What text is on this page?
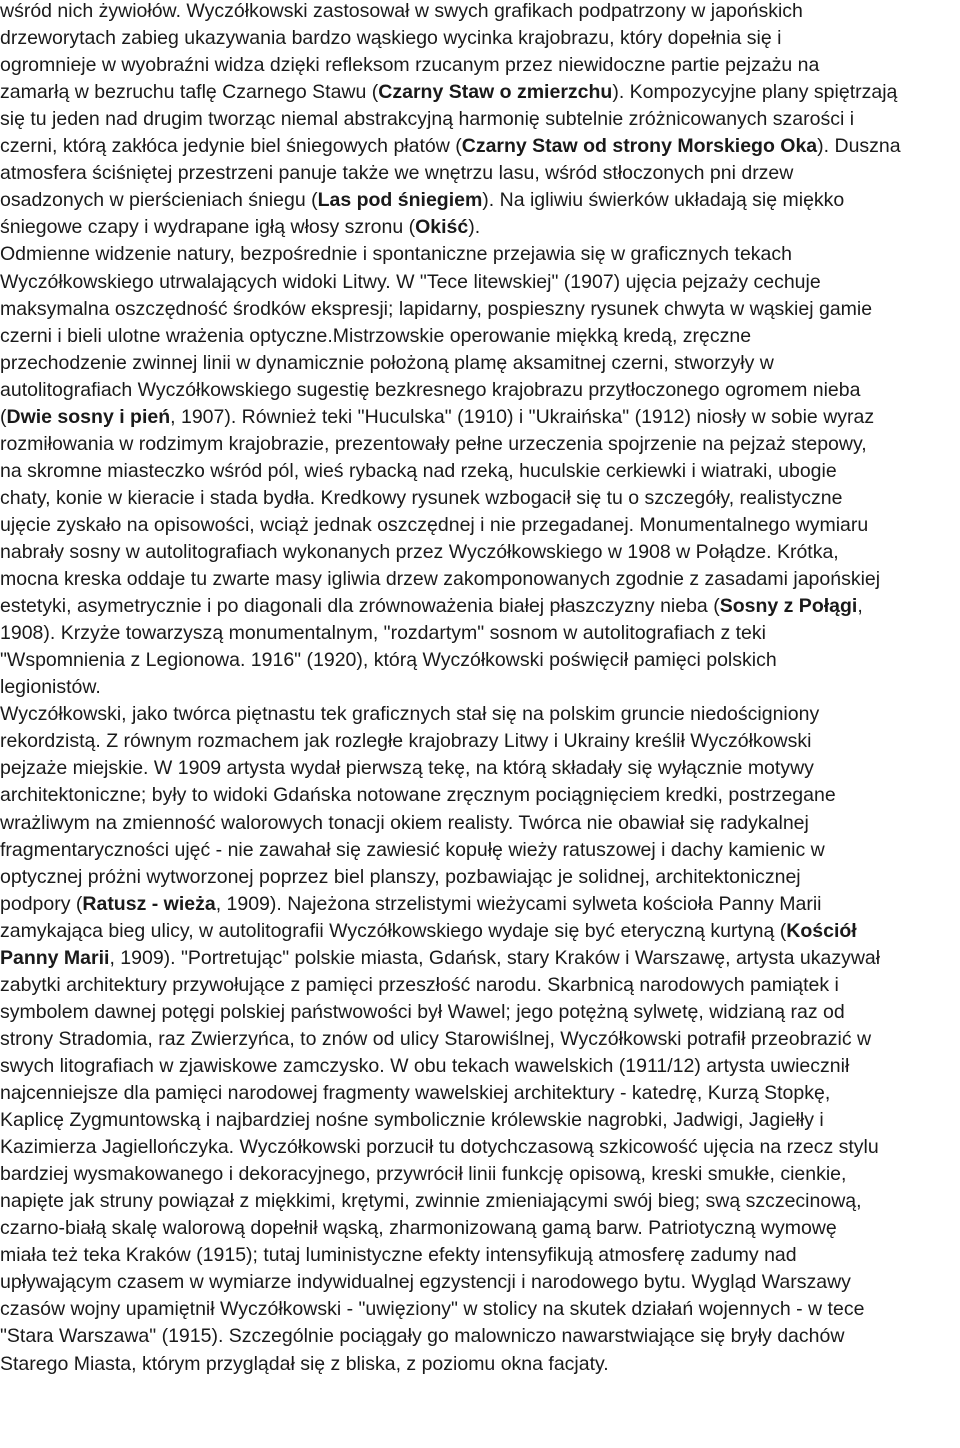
wśród nich żywiołów. Wyczółkowski zastosował w swych grafikach podpatrzony w japońskich
drzeworytach zabieg ukazywania bardzo wąskiego wycinka krajobrazu, który dopełnia się i
ogromnieje w wyobraźni widza dzięki refleksom rzucanym przez niewidoczne partie pejzażu na
zamarłą w bezruchu taflę Czarnego Stawu (Czarny Staw o zmierzchu). Kompozycyjne plany spiętrzają
się tu jeden nad drugim tworząc niemal abstrakcyjną harmonię subtelnie zróżnicowanych szarości i
czerni, którą zakłóca jedynie biel śniegowych płatów (Czarny Staw od strony Morskiego Oka). Duszna
atmosfera ściśniętej przestrzeni panuje także we wnętrzu lasu, wśród stłoczonych pni drzew
osadzonych w pierścieniach śniegu (Las pod śniegiem). Na igliwiu świerków układają się miękko
śniegowe czapy i wydrapane igłą włosy szronu (Okiść).
Odmienne widzenie natury, bezpośrednie i spontaniczne przejawia się w graficznych tekach
Wyczółkowskiego utrwalających widoki Litwy. W "Tece litewskiej" (1907) ujęcia pejzaży cechuje
maksymalna oszczędność środków ekspresji; lapidarny, pospieszny rysunek chwyta w wąskiej gamie
czerni i bieli ulotne wrażenia optyczne.Mistrzowskie operowanie miękką kredą, zręczne
przechodzenie zwinnej linii w dynamicznie położoną plamę aksamitnej czerni, stworzyły w
autolitografiach Wyczółkowskiego sugestię bezkresnego krajobrazu przytłoczonego ogromem nieba
(Dwie sosny i pień, 1907). Również teki "Huculska" (1910) i "Ukraińska" (1912) niosły w sobie wyraz
rozmiłowania w rodzimym krajobrazie, prezentowały pełne urzeczenia spojrzenie na pejzaż stepowy,
na skromne miasteczko wśród pól, wieś rybacką nad rzeką, huculskie cerkiewki i wiatraki, ubogie
chaty, konie w kieracie i stada bydła. Kredkowy rysunek wzbogacił się tu o szczegóły, realistyczne
ujęcie zyskało na opisowości, wciąż jednak oszczędnej i nie przegadanej. Monumentalnego wymiaru
nabrały sosny w autolitografiach wykonanych przez Wyczółkowskiego w 1908 w Połądze. Krótka,
mocna kreska oddaje tu zwarte masy igliwia drzew zakomponowanych zgodnie z zasadami japońskiej
estetyki, asymetrycznie i po diagonali dla zrównoważenia białej płaszczyzny nieba (Sosny z Połągi,
1908). Krzyże towarzyszą monumentalnym, "rozdartym" sosnom w autolitografiach z teki
"Wspomnienia z Legionowa. 1916" (1920), którą Wyczółkowski poświęcił pamięci polskich
legionistów.
Wyczółkowski, jako twórca piętnastu tek graficznych stał się na polskim gruncie niedościgniony
rekordzistą. Z równym rozmachem jak rozległe krajobrazy Litwy i Ukrainy kreślił Wyczółkowski
pejzaże miejskie. W 1909 artysta wydał pierwszą tekę, na którą składały się wyłącznie motywy
architektoniczne; były to widoki Gdańska notowane zręcznym pociągnięciem kredki, postrzegane
wrażliwym na zmienność walorowych tonacji okiem realisty. Twórca nie obawiał się radykalnej
fragmentaryczności ujęć - nie zawahał się zawiesić kopułę wieży ratuszowej i dachy kamienic w
optycznej próżni wytworzonej poprzez biel planszy, pozbawiając je solidnej, architektonicznej
podpory (Ratusz - wieża, 1909). Najeżona strzelistymi wieżycami sylweta kościoła Panny Marii
zamykająca bieg ulicy, w autolitografii Wyczółkowskiego wydaje się być eteryczną kurtyną (Kościół
Panny Marii, 1909). "Portretując" polskie miasta, Gdańsk, stary Kraków i Warszawę, artysta ukazywał
zabytki architektury przywołujące z pamięci przeszłość narodu. Skarbnicą narodowych pamiątek i
symbolem dawnej potęgi polskiej państwowości był Wawel; jego potężną sylwetę, widzianą raz od
strony Stradomia, raz Zwierzyńca, to znów od ulicy Starowiślnej, Wyczółkowski potrafił przeobrazić w
swych litografiach w zjawiskowe zamczysko. W obu tekach wawelskich (1911/12) artysta uwiecznił
najcenniejsze dla pamięci narodowej fragmenty wawelskiej architektury - katedrę, Kurzą Stopkę,
Kaplicę Zygmuntowską i najbardziej nośne symbolicznie królewskie nagrobki, Jadwigi, Jagiełły i
Kazimierza Jagiellończyka. Wyczółkowski porzucił tu dotychczasową szkicowość ujęcia na rzecz stylu
bardziej wysmakowanego i dekoracyjnego, przywrócił linii funkcję opisową, kreski smukłe, cienkie,
napięte jak struny powiązał z miękkimi, krętymi, zwinnie zmieniającymi swój bieg; swą szczecinową,
czarno-białą skalę walorową dopełnił wąską, zharmonizowaną gamą barw. Patriotyczną wymowę
miała też teka Kraków (1915); tutaj luministyczne efekty intensyfikują atmosferę zadumy nad
upływającym czasem w wymiarze indywidualnej egzystencji i narodowego bytu. Wygląd Warszawy
czasów wojny upamiętnił Wyczółkowski - "uwięziony" w stolicy na skutek działań wojennych - w tece
"Stara Warszawa" (1915). Szczególnie pociągały go malowniczo nawarstwiające się bryły dachów
Starego Miasta, którym przyglądał się z bliska, z poziomu okna facjaty.
